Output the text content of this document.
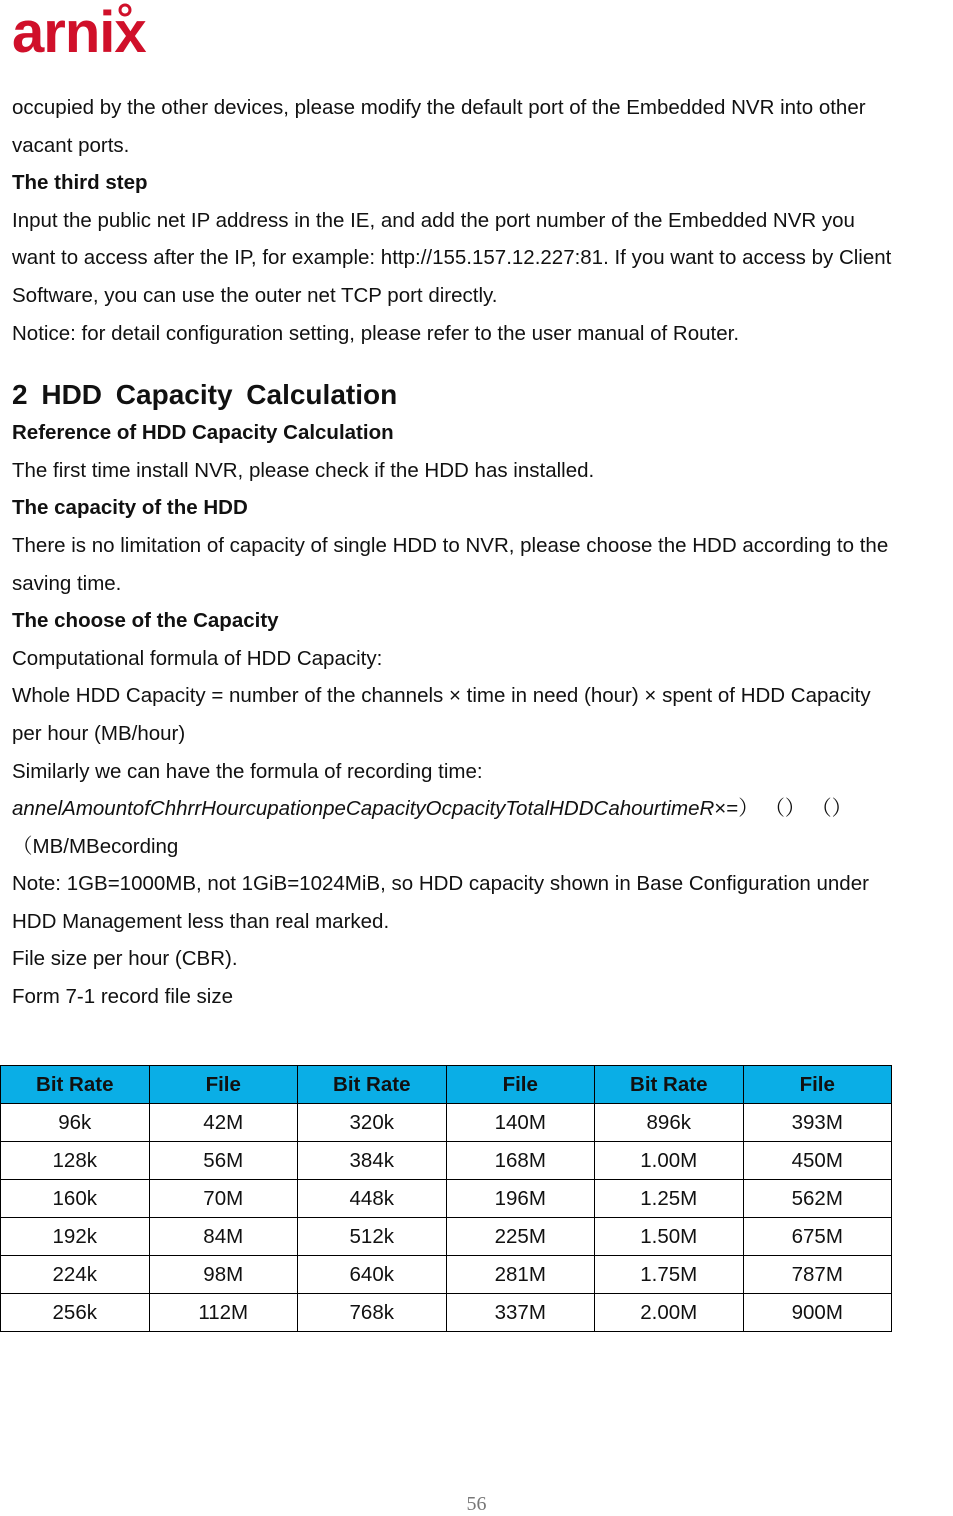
arnix
occupied by the other devices, please modify the default port of the Embedded NVR into other
vacant ports.
The third step
Input the public net IP address in the IE, and add the port number of the Embedded NVR you
want to access after the IP, for example: http://155.157.12.227:81. If you want to access by Client
Software, you can use the outer net TCP port directly.
Notice: for detail configuration setting, please refer to the user manual of Router.
2 HDD Capacity Calculation
Reference of HDD Capacity Calculation
The first time install NVR, please check if the HDD has installed.
The capacity of the HDD
There is no limitation of capacity of single HDD to NVR, please choose the HDD according to the
saving time.
The choose of the Capacity
Computational formula of HDD Capacity:
Whole HDD Capacity = number of the channels × time in need (hour) × spent of HDD Capacity
per hour (MB/hour)
Similarly we can have the formula of recording time:
annelAmountofChhrrHourcupationpeCapacityOcpacityTotalHDDCahourtimeR×=） （） （）
（MB/MBecording
Note: 1GB=1000MB, not 1GiB=1024MiB, so HDD capacity shown in Base Configuration under
HDD Management less than real marked.
File size per hour (CBR).
Form 7-1 record file size
Bit Rate	File	Bit Rate	File	Bit Rate	File
96k	42M	320k	140M	896k	393M
128k	56M	384k	168M	1.00M	450M
160k	70M	448k	196M	1.25M	562M
192k	84M	512k	225M	1.50M	675M
224k	98M	640k	281M	1.75M	787M
256k	112M	768k	337M	2.00M	900M
56
